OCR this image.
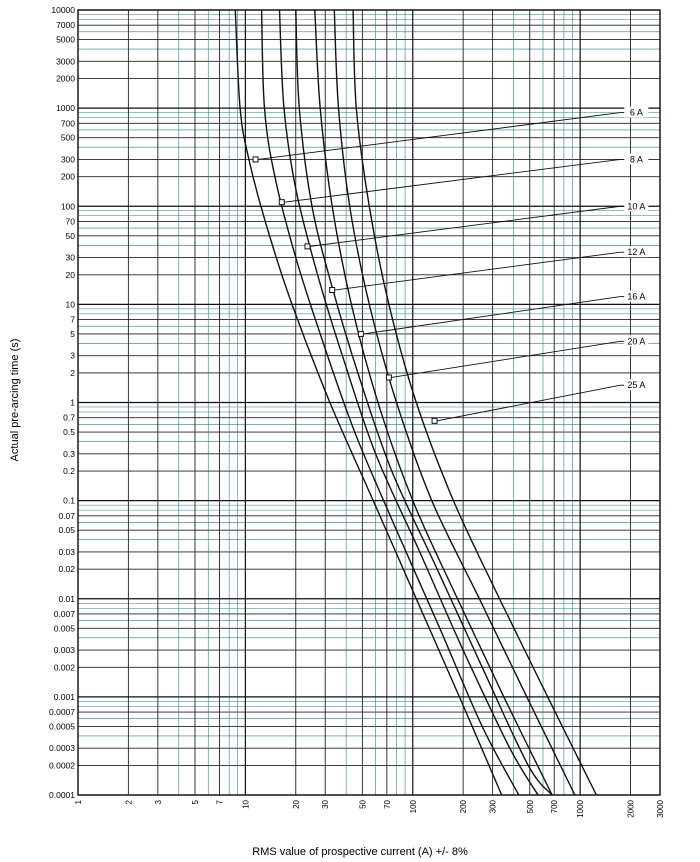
10000
7000
5000
3000
2000
1000
700
500
300
200
100
70
50
30
20
10
7
5
3
2
1
0.7
0.5
0.3
0.2
0.1
0.07
0.05
0.03
0.02
0.01
0.007
0.005
0.003
0.002
0.001
0.0007
0.0005
0.0003
0.0002
0.0001
1	2	3	5 7 10	20	30	50 70 100	200	300	500 700 1000	2000	3000
6 A
8 A
10 A
12 A
16 A
20 A
25 A
RMS value of prospective current (A) +/- 8%
Actual pre-arcing time (s)
